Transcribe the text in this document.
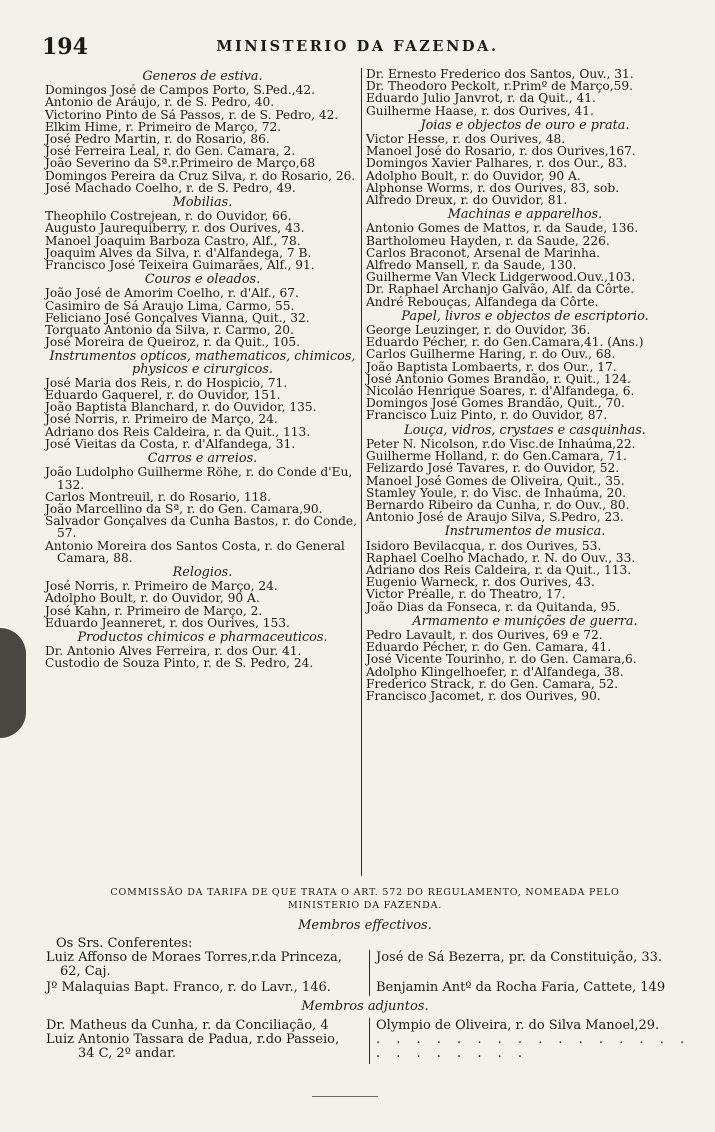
194	MINISTERIO DA FAZENDA.
Generos de estiva.

Domingos José de Campos Porto, S.Ped.,42.

Antonio de Aráujo, r. de S. Pedro, 40.

Victorino Pinto de Sá Passos, r. de S. Pedro, 42.

Elkim Hime, r. Primeiro de Março, 72.

José Pedro Martin, r. do Rosario, 86.

José Ferreira Leal, r. do Gen. Camara, 2.

João Severino da Sª.r.Primeiro de Março,68

Domingos Pereira da Cruz Silva, r. do Rosario, 26.

José Machado Coelho, r. de S. Pedro, 49.

Mobilias.

Theophilo Costrejean, r. do Ouvidor, 66.

Augusto Jaurequiberry, r. dos Ourives, 43.

Manoel Joaquim Barboza Castro, Alf., 78.

Joaquim Alves da Silva, r. d'Alfandega, 7 B.

Francisco José Teixeira Guimarães, Alf., 91.

Couros e oleados.

João José de Amorim Coelho, r. d'Alf., 67.

Casimiro de Sá Araujo Lima, Carmo, 55.

Feliciano José Gonçalves Vianna, Quit., 32.

Torquato Antonio da Silva, r. Carmo, 20.

José Moreira de Queiroz, r. da Quit., 105.

Instrumentos opticos, mathematicos, chimicos, physicos e cirurgicos.

José Maria dos Reis, r. do Hospicio, 71.

Eduardo Gaquerel, r. do Ouvidor, 151.

João Baptista Blanchard, r. do Ouvidor, 135.

José Norris, r. Primeiro de Março, 24.

Adriano dos Reis Caldeira, r. da Quit., 113.

José Vieitas da Costa, r. d'Alfandega, 31.

Carros e arreios.

João Ludolpho Guilherme Röhe, r. do Conde d'Eu, 132.

Carlos Montreuil, r. do Rosario, 118.

João Marcellino da Sª, r. do Gen. Camara,90.

Salvador Gonçalves da Cunha Bastos, r. do Conde, 57.

Antonio Moreira dos Santos Costa, r. do General Camara, 88.

Relogios.

José Norris, r. Primeiro de Março, 24.

Adolpho Boult, r. do Ouvidor, 90 A.

José Kahn, r. Primeiro de Março, 2.

Eduardo Jeanneret, r. dos Ourives, 153.

Productos chimicos e pharmaceuticos.

Dr. Antonio Alves Ferreira, r. dos Our. 41.

Custodio de Souza Pinto, r. de S. Pedro, 24.

Dr. Ernesto Frederico dos Santos, Ouv., 31.

Dr. Theodoro Peckolt, r.Primº de Março,59.

Eduardo Julio Janvrot, r. da Quit., 41.

Guilherme Haase, r. dos Ourives, 41.

Joias e objectos de ouro e prata.

Victor Hesse, r. dos Ourives, 48.

Manoel José do Rosario, r. dos Ourives,167.

Domingos Xavier Palhares, r. dos Our., 83.

Adolpho Boult, r. do Ouvidor, 90 A.

Alphonse Worms, r. dos Ourives, 83, sob.

Alfredo Dreux, r. do Ouvidor, 81.

Machinas e apparelhos.

Antonio Gomes de Mattos, r. da Saude, 136.

Bartholomeu Hayden, r. da Saude, 226.

Carlos Braconot, Arsenal de Marinha.

Alfredo Mansell, r. da Saude, 130.

Guilherme Van Vleck Lidgerwood.Ouv.,103.

Dr. Raphael Archanjo Galvão, Alf. da Côrte.

André Rebouças, Alfandega da Côrte.

Papel, livros e objectos de escriptorio.

George Leuzinger, r. do Ouvidor, 36.

Eduardo Pécher, r. do Gen.Camara,41. (Ans.)

Carlos Guilherme Haring, r. do Ouv., 68.

João Baptista Lombaerts, r. dos Our., 17.

José Antonio Gomes Brandão, r. Quit., 124.

Nicoláo Henrique Soares, r. d'Alfandega, 6.

Domingos José Gomes Brandão, Quit., 70.

Francisco Luiz Pinto, r. do Ouvidor, 87.

Louça, vidros, crystaes e casquinhas.

Peter N. Nicolson, r.do Visc.de Inhaúma,22.

Guilherme Holland, r. do Gen.Camara, 71.

Felizardo José Tavares, r. do Ouvidor, 52.

Manoel José Gomes de Oliveira, Quit., 35.

Stamley Youle, r. do Visc. de Inhaúma, 20.

Bernardo Ribeiro da Cunha, r. do Ouv., 80.

Antonio José de Araujo Silva, S.Pedro, 23.

Instrumentos de musica.

Isidoro Bevilacqua, r. dos Ourives, 53.

Raphael Coelho Machado, r. N. do Ouv., 33.

Adriano dos Reis Caldeira, r. da Quit., 113.

Eugenio Warneck, r. dos Ourives, 43.

Victor Préalle, r. do Theatro, 17.

João Dias da Fonseca, r. da Quitanda, 95.

Armamento e munições de guerra.

Pedro Lavault, r. dos Ourives, 69 e 72.

Eduardo Pécher, r. do Gen. Camara, 41.

José Vicente Tourinho, r. do Gen. Camara,6.

Adolpho Klingelhoefer, r. d'Alfandega, 38.

Frederico Strack, r. do Gen. Camara, 52.

Francisco Jacomet, r. dos Ourives, 90.

COMMISSÃO DA TARIFA DE QUE TRATA O ART. 572 DO REGULAMENTO, NOMEADA PELO
MINISTERIO DA FAZENDA.
Membros effectivos.
Os Srs. Conferentes:
Luiz Affonso de Moraes Torres,r.da Princeza,	José de Sá Bezerra, pr. da Constituição, 33.
62, Caj.
Jº Malaquias Bapt. Franco, r. do Lavr., 146.	Benjamin Antº da Rocha Faria, Cattete, 149
Membros adjuntos.
Dr. Matheus da Cunha, r. da Conciliação, 4	Olympio de Oliveira, r. do Silva Manoel,29.
Luiz Antonio Tassara de Padua, r.do Passeio,	. . . . . . . . . . . . . . . . . . . . . . . .
34 C, 2º andar.
